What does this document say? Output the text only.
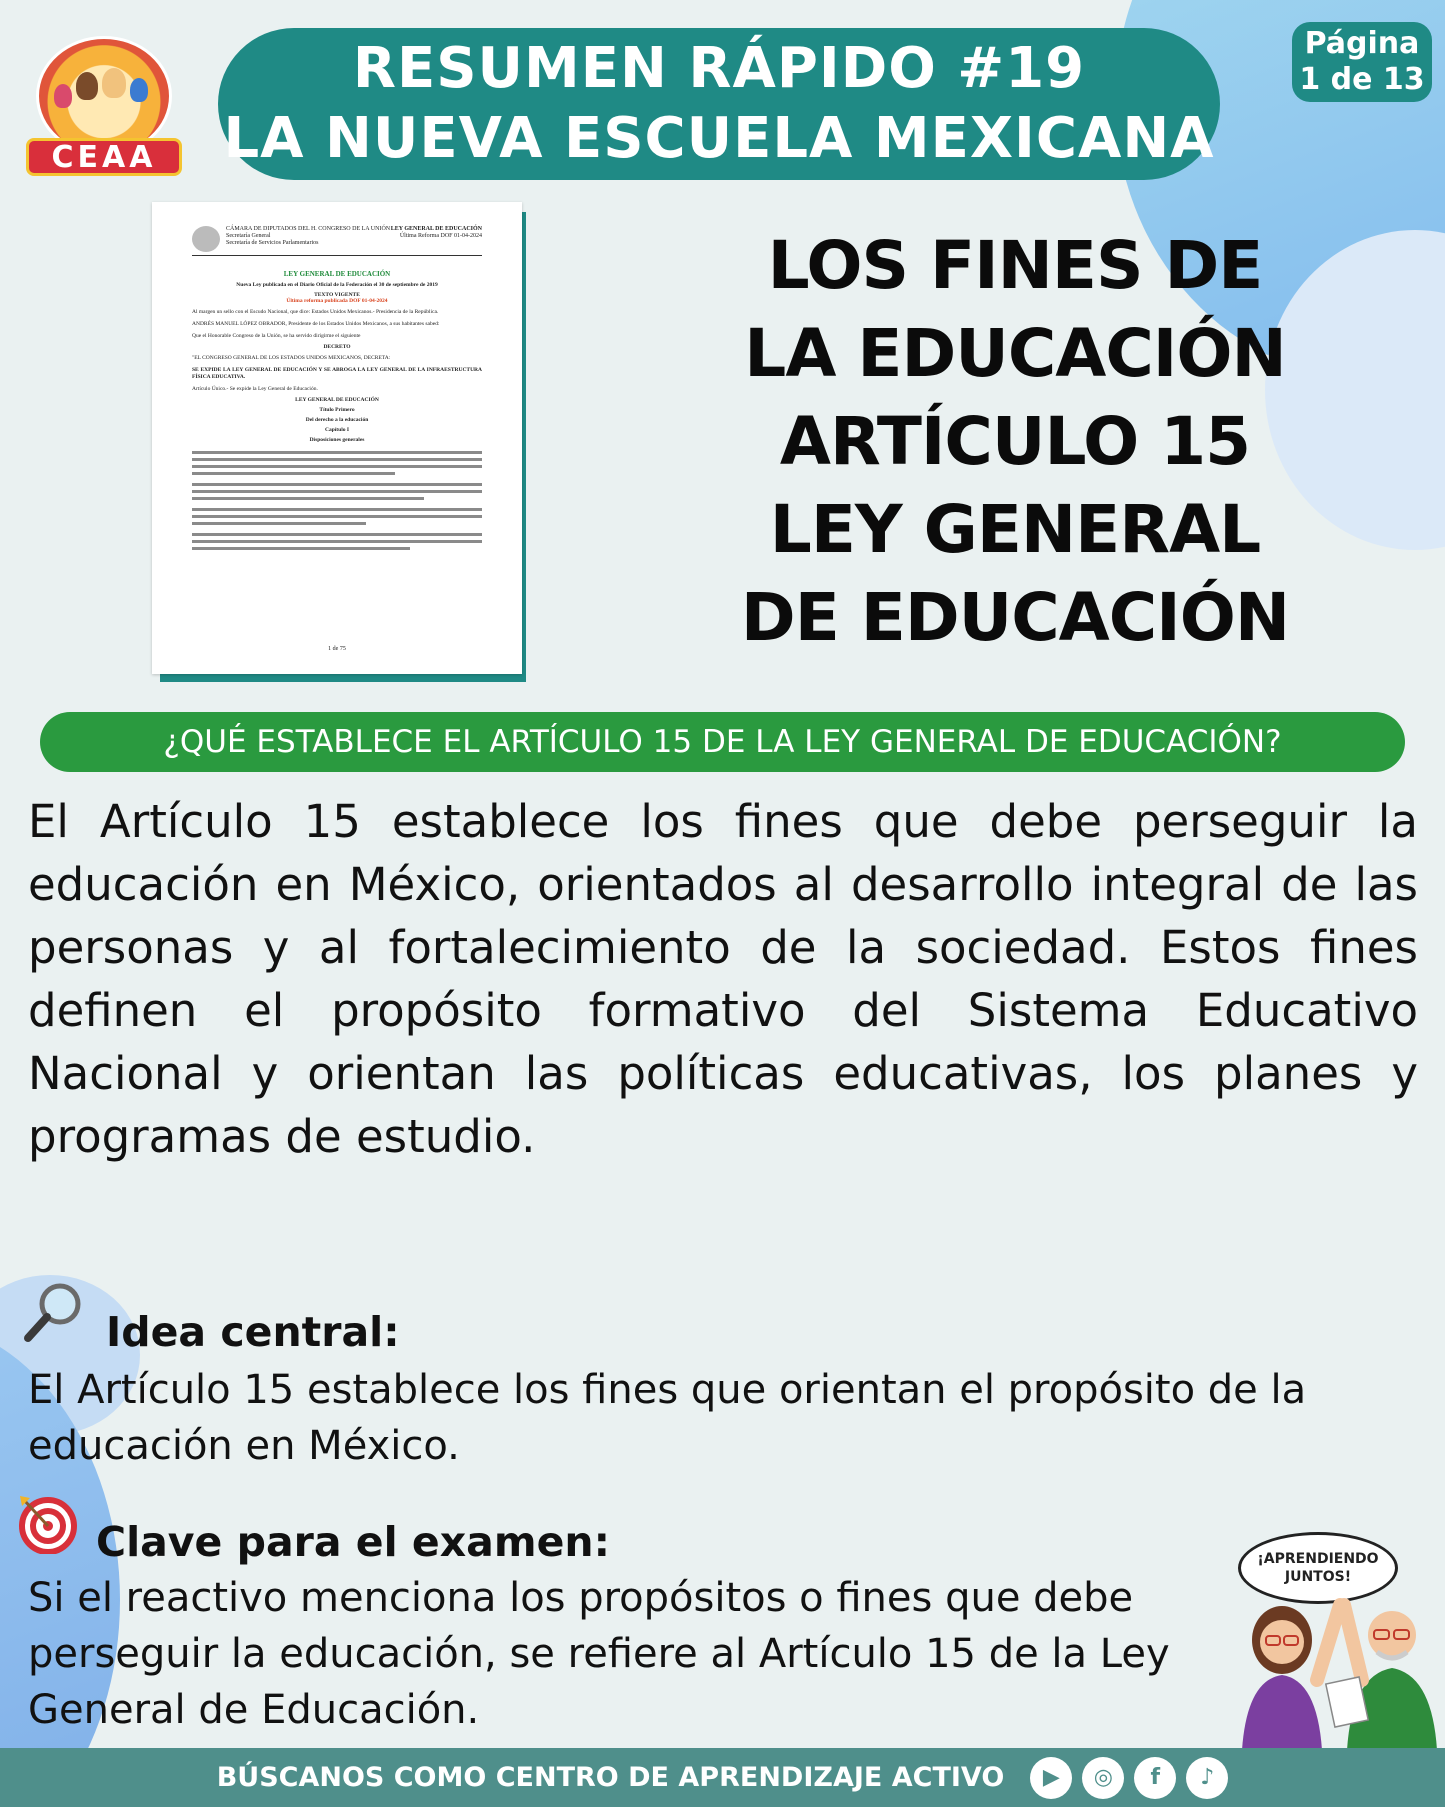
CEAA
RESUMEN RÁPIDO #19
LA NUEVA ESCUELA MEXICANA
Página
1 de 13
CÁMARA DE DIPUTADOS DEL H. CONGRESO DE LA UNIÓN
Secretaría General
Secretaría de Servicios Parlamentarios
LEY GENERAL DE EDUCACIÓN
Última Reforma DOF 01-04-2024
LEY GENERAL DE EDUCACIÓN
Nueva Ley publicada en el Diario Oficial de la Federación el 30 de septiembre de 2019
TEXTO VIGENTE
Última reforma publicada DOF 01-04-2024
Al margen un sello con el Escudo Nacional, que dice: Estados Unidos Mexicanos.- Presidencia de la República.
ANDRÉS MANUEL LÓPEZ OBRADOR, Presidente de los Estados Unidos Mexicanos, a sus habitantes sabed:
Que el Honorable Congreso de la Unión, se ha servido dirigirme el siguiente
DECRETO
"EL CONGRESO GENERAL DE LOS ESTADOS UNIDOS MEXICANOS, DECRETA:
SE EXPIDE LA LEY GENERAL DE EDUCACIÓN Y SE ABROGA LA LEY GENERAL DE LA INFRAESTRUCTURA FÍSICA EDUCATIVA.
Artículo Único.- Se expide la Ley General de Educación.
LEY GENERAL DE EDUCACIÓN
Título Primero
Del derecho a la educación
Capítulo I
Disposiciones generales
1 de 75
LOS FINES DE
LA EDUCACIÓN
ARTÍCULO 15
LEY GENERAL
DE EDUCACIÓN
¿QUÉ ESTABLECE EL ARTÍCULO 15 DE LA LEY GENERAL DE EDUCACIÓN?
El Artículo 15 establece los fines que debe perseguir la educación en México, orientados al desarrollo integral de las personas y al fortalecimiento de la sociedad. Estos fines definen el propósito formativo del Sistema Educativo Nacional y orientan las políticas educativas, los planes y programas de estudio.
Idea central:
El Artículo 15 establece los fines que orientan el propósito de la educación en México.
Clave para el examen:
Si el reactivo menciona los propósitos o fines que debe perseguir la educación, se refiere al Artículo 15 de la Ley General de Educación.
¡APRENDIENDO JUNTOS!
BÚSCANOS COMO CENTRO DE APRENDIZAJE ACTIVO	▶	◎	f	♪
